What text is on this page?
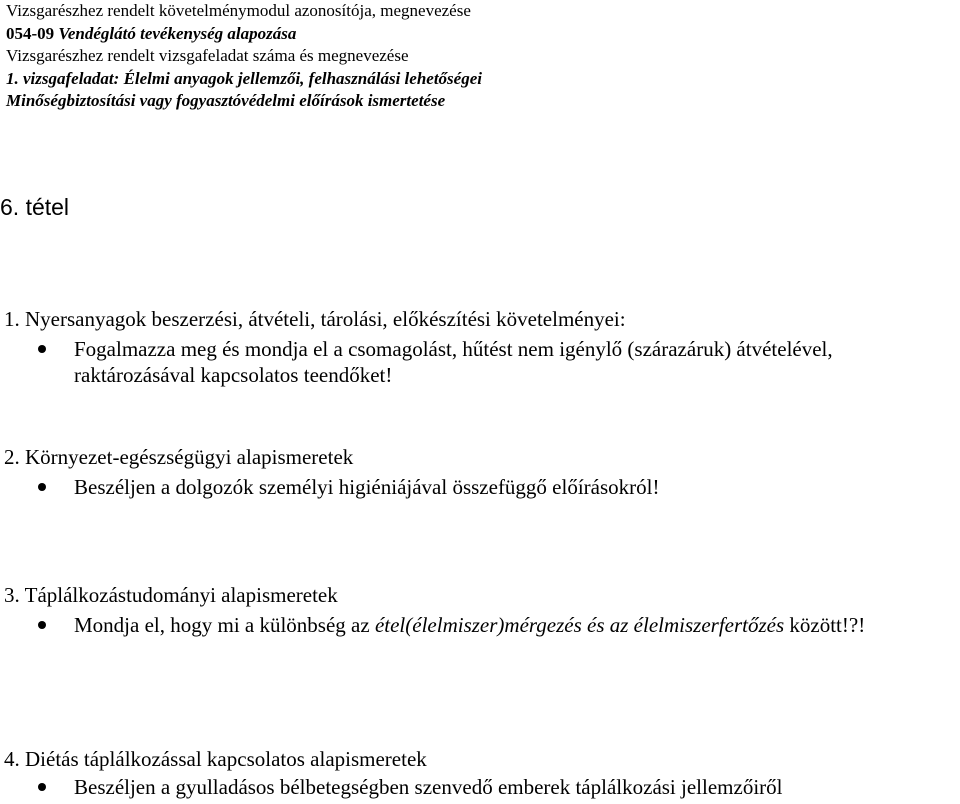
Vizsgarészhez rendelt követelménymodul azonosítója, megnevezése
054-09 Vendéglátó tevékenység alapozása
Vizsgarészhez rendelt vizsgafeladat száma és megnevezése
1. vizsgafeladat: Élelmi anyagok jellemzői, felhasználási lehetőségei
Minőségbiztosítási vagy fogyasztóvédelmi előírások ismertetése
6. tétel
1. Nyersanyagok beszerzési, átvételi, tárolási, előkészítési követelményei:
Fogalmazza meg és mondja el a csomagolást, hűtést nem igénylő (szárazáruk) átvételével, raktározásával kapcsolatos teendőket!
2. Környezet-egészségügyi alapismeretek
Beszéljen a dolgozók személyi higiéniájával összefüggő előírásokról!
3. Táplálkozástudományi alapismeretek
Mondja el, hogy mi a különbség az étel(élelmiszer)mérgezés és az élelmiszerfertőzés között!?!
4. Diétás táplálkozással kapcsolatos alapismeretek
Beszéljen a gyulladásos bélbetegségben szenvedő emberek táplálkozási jellemzőiről
